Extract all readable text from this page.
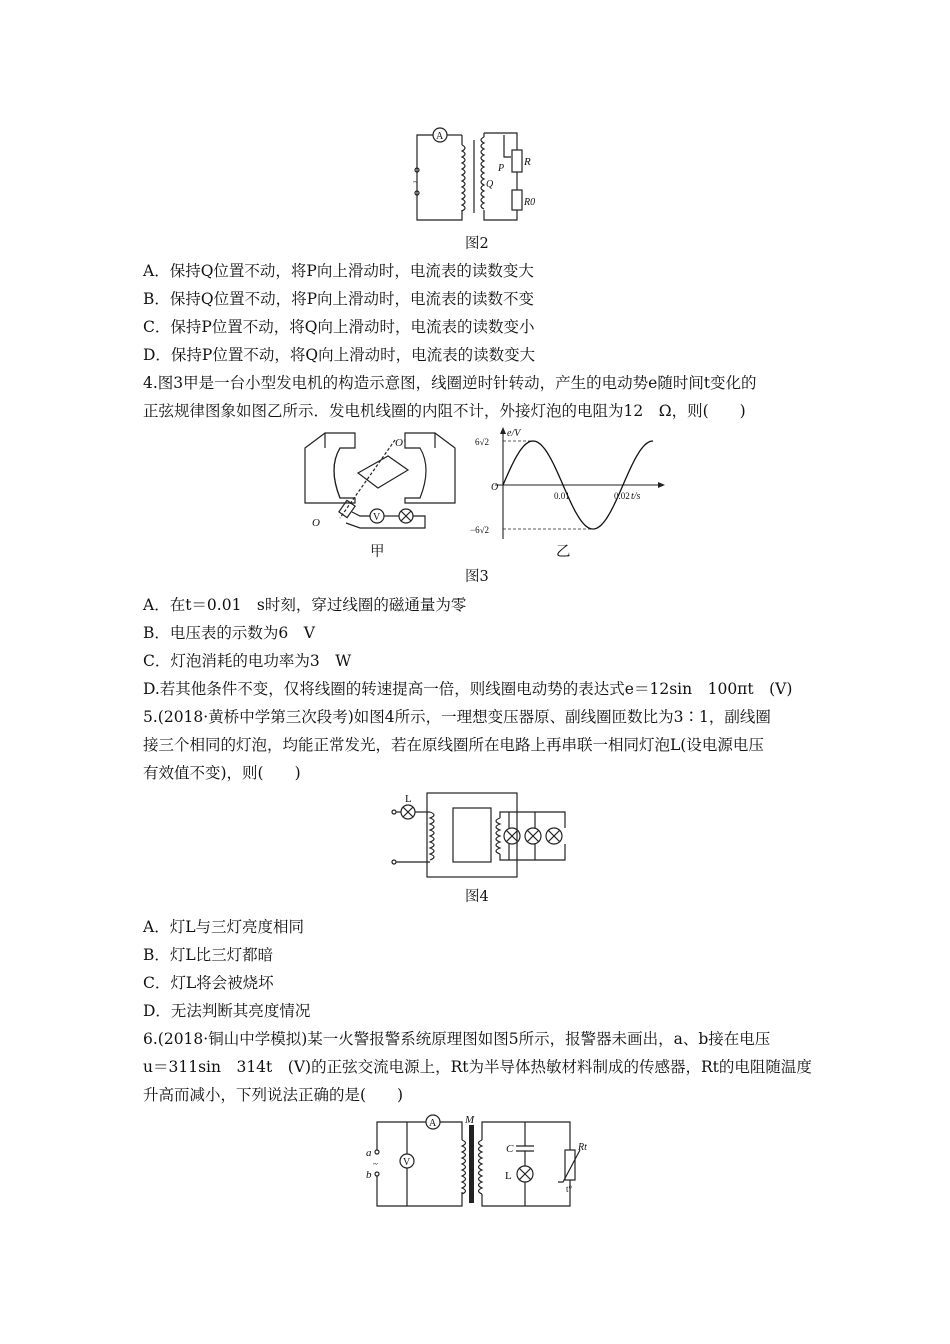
A
~
R
P
Q
R0
图2
A．保持Q位置不动，将P向上滑动时，电流表的读数变大
B．保持Q位置不动，将P向上滑动时，电流表的读数不变
C．保持P位置不动，将Q向上滑动时，电流表的读数变小
D．保持P位置不动，将Q向上滑动时，电流表的读数变大
4.图3甲是一台小型发电机的构造示意图，线圈逆时针转动，产生的电动势e随时间t变化的
正弦规律图象如图乙所示．发电机线圈的内阻不计，外接灯泡的电阻为12　Ω，则(　　)
O′
O	V
甲
e/V
t/s
O
6√2
−6√2
0.01	0.02
乙
图3
A．在t＝0.01　s时刻，穿过线圈的磁通量为零
B．电压表的示数为6　V
C．灯泡消耗的电功率为3　W
D.若其他条件不变，仅将线圈的转速提高一倍，则线圈电动势的表达式e＝12sin　100πt　(V)
5.(2018·黄桥中学第三次段考)如图4所示，一理想变压器原、副线圈匝数比为3∶1，副线圈
接三个相同的灯泡，均能正常发光，若在原线圈所在电路上再串联一相同灯泡L(设电源电压
有效值不变)，则(　　)
L
图4
A．灯L与三灯亮度相同
B．灯L比三灯都暗
C．灯L将会被烧坏
D．无法判断其亮度情况
6.(2018·铜山中学模拟)某一火警报警系统原理图如图5所示，报警器未画出，a、b接在电压
u＝311sin　314t　(V)的正弦交流电源上，Rt为半导体热敏材料制成的传感器，Rt的电阻随温度
升高而减小，下列说法正确的是(　　)
A
a
b
~	V
M
C
L
Rt
t°
